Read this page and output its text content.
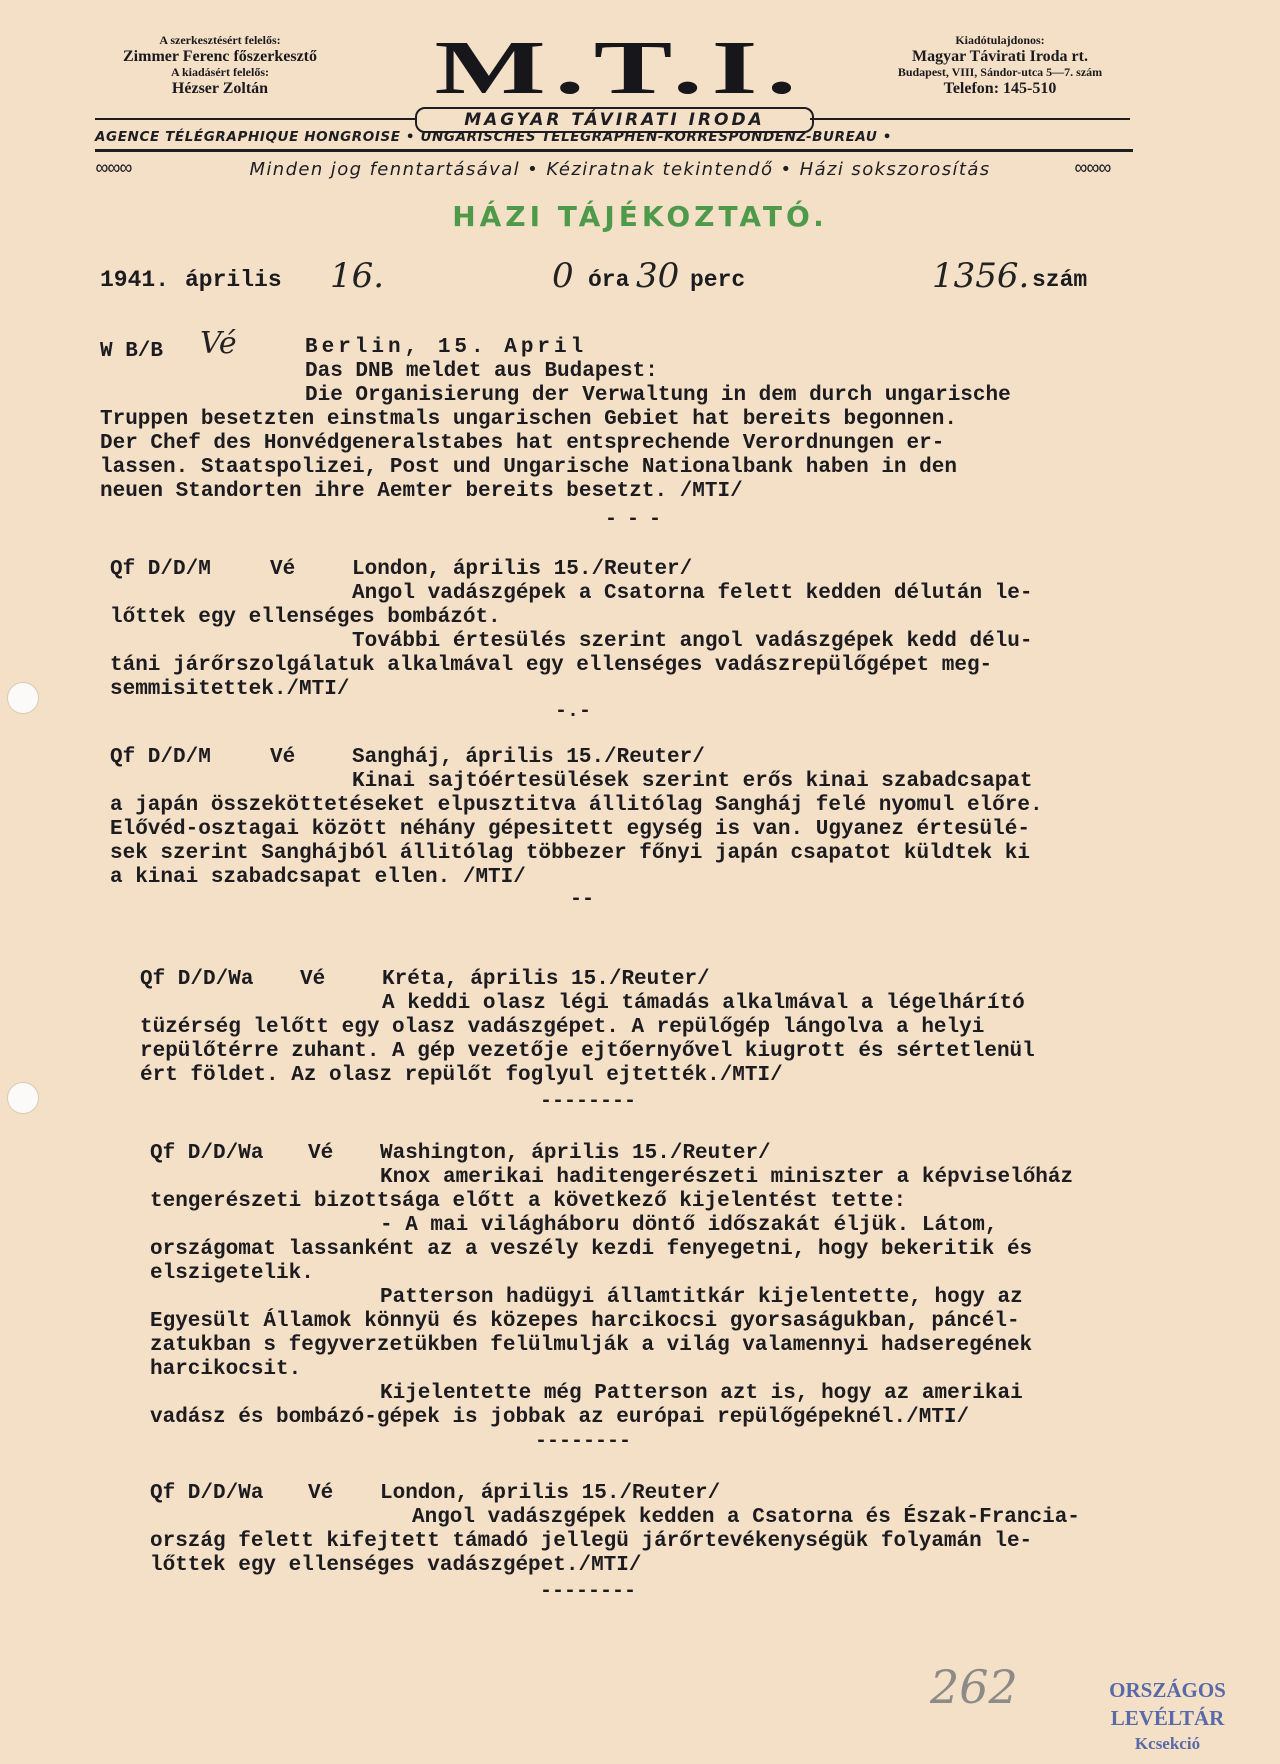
A szerkesztésért felelős:
Zimmer Ferenc főszerkesztő
A kiadásért felelős:
Hézser Zoltán	M.T.I.	Kiadótulajdonos:
Magyar Távirati Iroda rt.
Budapest, VIII, Sándor-utca 5—7. szám
Telefon: 145-510
MAGYAR TÁVIRATI IRODA
AGENCE TÉLÉGRAPHIQUE HONGROISE • UNGARISCHES TELEGRAPHEN-KORRESPONDENZ-BUREAU •
Minden jog fenntartásával • Kéziratnak tekintendő • Házi sokszorosítás
∞∞∞	∞∞∞
HÁZI TÁJÉKOZTATÓ.
1941. április 16.	0 óra 30 perc	1356. szám
W B/B Vé	Berlin, 15. April
Das DNB meldet aus Budapest:
Die Organisierung der Verwaltung in dem durch ungarische
Truppen besetzten einstmals ungarischen Gebiet hat bereits begonnen.
Der Chef des Honvédgeneralstabes hat entsprechende Verordnungen er-
lassen. Staatspolizei, Post und Ungarische Nationalbank haben in den
neuen Standorten ihre Aemter bereits besetzt. /MTI/
---
Qf D/D/M	Vé	London, április 15./Reuter/
Angol vadászgépek a Csatorna felett kedden délután le-
lőttek egy ellenséges bombázót.
További értesülés szerint angol vadászgépek kedd délu-
táni járőrszolgálatuk alkalmával egy ellenséges vadászrepülőgépet meg-
semmisitettek./MTI/
-.-
Qf D/D/M	Vé	Sangháj, április 15./Reuter/
Kinai sajtóértesülések szerint erős kinai szabadcsapat
a japán összeköttetéseket elpusztitva állitólag Sangháj felé nyomul előre.
Elővéd-osztagai között néhány gépesitett egység is van. Ugyanez értesülé-
sek szerint Sanghájból állitólag többezer főnyi japán csapatot küldtek ki
a kinai szabadcsapat ellen. /MTI/
--
Qf D/D/Wa Vé	Kréta, április 15./Reuter/
A keddi olasz légi támadás alkalmával a légelhárító
tüzérség lelőtt egy olasz vadászgépet. A repülőgép lángolva a helyi
repülőtérre zuhant. A gép vezetője ejtőernyővel kiugrott és sértetlenül
ért földet. Az olasz repülőt foglyul ejtették./MTI/
--------
Qf D/D/Wa Vé Washington, április 15./Reuter/
Knox amerikai haditengerészeti miniszter a képviselőház
tengerészeti bizottsága előtt a következő kijelentést tette:
- A mai világháboru döntő időszakát éljük. Látom,
országomat lassanként az a veszély kezdi fenyegetni, hogy bekeritik és
elszigetelik.
Patterson hadügyi államtitkár kijelentette, hogy az
Egyesült Államok könnyü és közepes harcikocsi gyorsaságukban, páncél-
zatukban s fegyverzetükben felülmulják a világ valamennyi hadseregének
harcikocsit.
Kijelentette még Patterson azt is, hogy az amerikai
vadász és bombázó-gépek is jobbak az európai repülőgépeknél./MTI/
--------
Qf D/D/Wa Vé London, április 15./Reuter/
Angol vadászgépek kedden a Csatorna és Észak-Francia-
ország felett kifejtett támadó jellegü járőrtevékenységük folyamán le-
lőttek egy ellenséges vadászgépet./MTI/
--------
262	ORSZÁGOS LEVÉLTÁR
Kcsekció
